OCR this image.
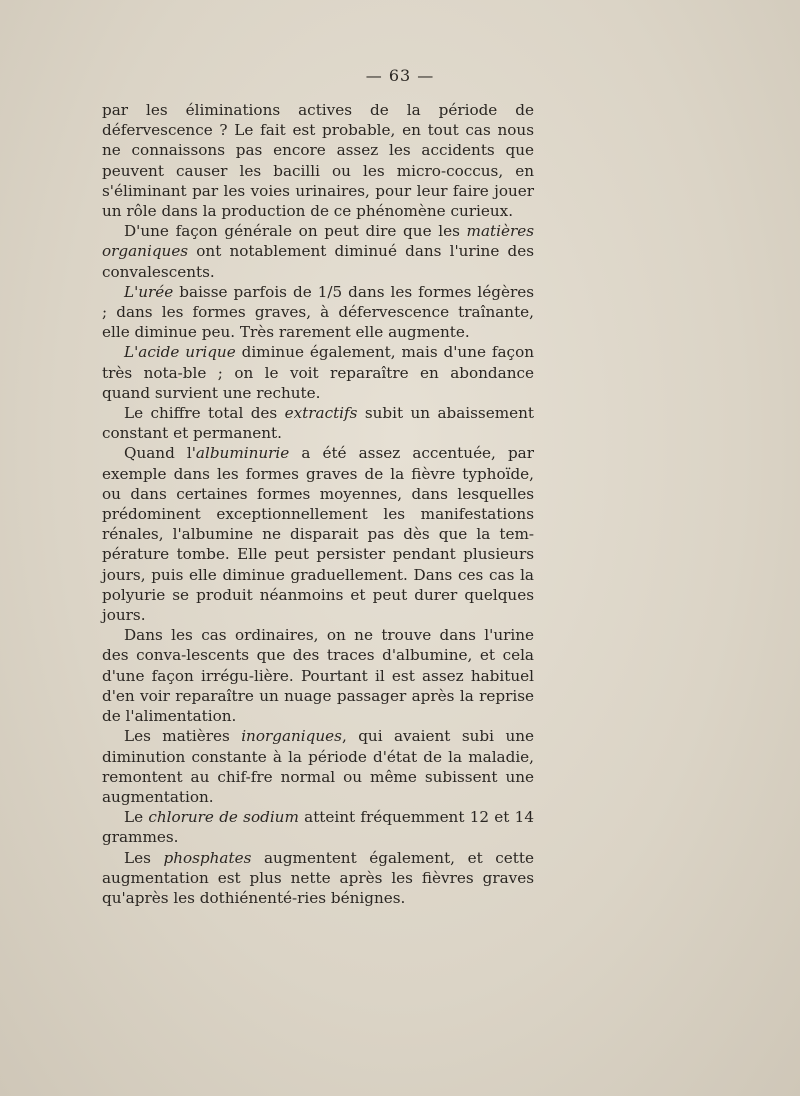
— 63 —

par les éliminations actives de la période de défervescence ? Le fait est probable, en tout cas nous ne connaissons pas encore assez les accidents que peuvent causer les bacilli ou les micro-coccus, en s'éliminant par les voies urinaires, pour leur faire jouer un rôle dans la production de ce phénomène curieux.

D'une façon générale on peut dire que les matières organiques ont notablement diminué dans l'urine des convalescents.

L'urée baisse parfois de 1/5 dans les formes légères ; dans les formes graves, à défervescence traînante, elle diminue peu. Très rarement elle augmente.

L'acide urique diminue également, mais d'une façon très nota-ble ; on le voit reparaître en abondance quand survient une rechute.

Le chiffre total des extractifs subit un abaissement constant et permanent.

Quand l'albuminurie a été assez accentuée, par exemple dans les formes graves de la fièvre typhoïde, ou dans certaines formes moyennes, dans lesquelles prédominent exceptionnellement les manifestations rénales, l'albumine ne disparait pas dès que la tem-pérature tombe. Elle peut persister pendant plusieurs jours, puis elle diminue graduellement. Dans ces cas la polyurie se produit néanmoins et peut durer quelques jours.

Dans les cas ordinaires, on ne trouve dans l'urine des conva-lescents que des traces d'albumine, et cela d'une façon irrégu-lière. Pourtant il est assez habituel d'en voir reparaître un nuage passager après la reprise de l'alimentation.

Les matières inorganiques, qui avaient subi une diminution constante à la période d'état de la maladie, remontent au chif-fre normal ou même subissent une augmentation.

Le chlorure de sodium atteint fréquemment 12 et 14 grammes.

Les phosphates augmentent également, et cette augmentation est plus nette après les fièvres graves qu'après les dothiénenté-ries bénignes.
